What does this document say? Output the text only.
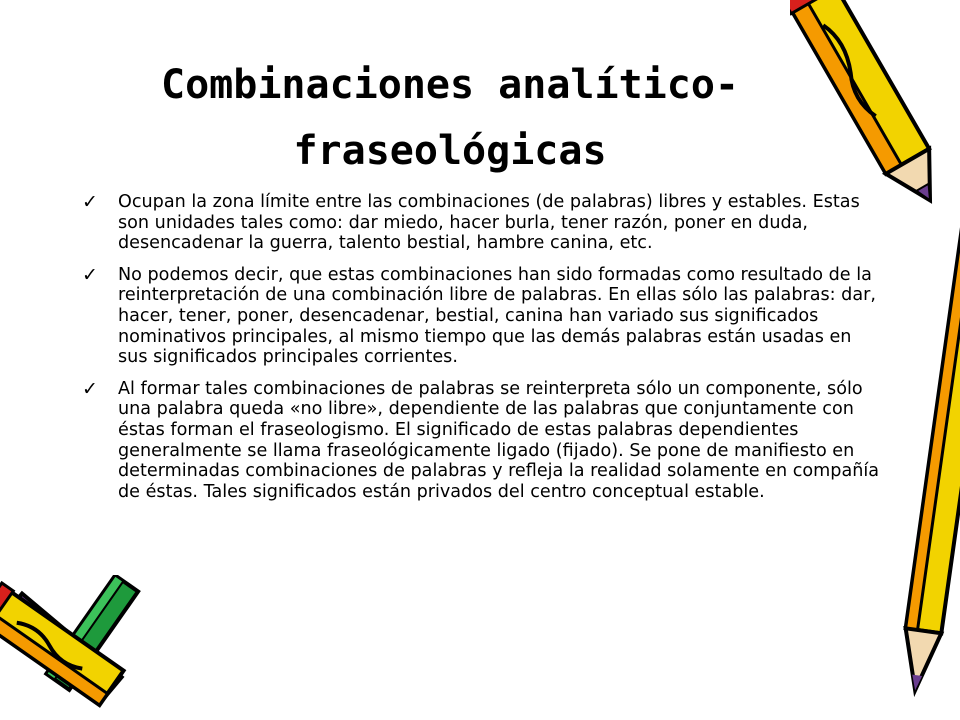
Combinaciones analítico-fraseológicas
✓ Ocupan la zona límite entre las combinaciones (de palabras) libres y estables. Estas son unidades tales como: dar miedo, hacer burla, tener razón, poner en duda, desencadenar la guerra, talento bestial, hambre canina, etc.
✓ No podemos decir, que estas combinaciones han sido formadas como resultado de la reinterpretación de una combinación libre de palabras. En ellas sólo las palabras: dar, hacer, tener, poner, desencadenar, bestial, canina han variado sus significados nominativos principales, al mismo tiempo que las demás palabras están usadas en sus significados principales corrientes.
✓ Al formar tales combinaciones de palabras se reinterpreta sólo un componente, sólo una palabra queda «no libre», dependiente de las palabras que conjuntamente con éstas forman el fraseologismo. El significado de estas palabras dependientes generalmente se llama fraseológicamente ligado (fijado). Se pone de manifiesto en determinadas combinaciones de palabras y refleja la realidad solamente en compañía de éstas. Tales significados están privados del centro conceptual estable.
